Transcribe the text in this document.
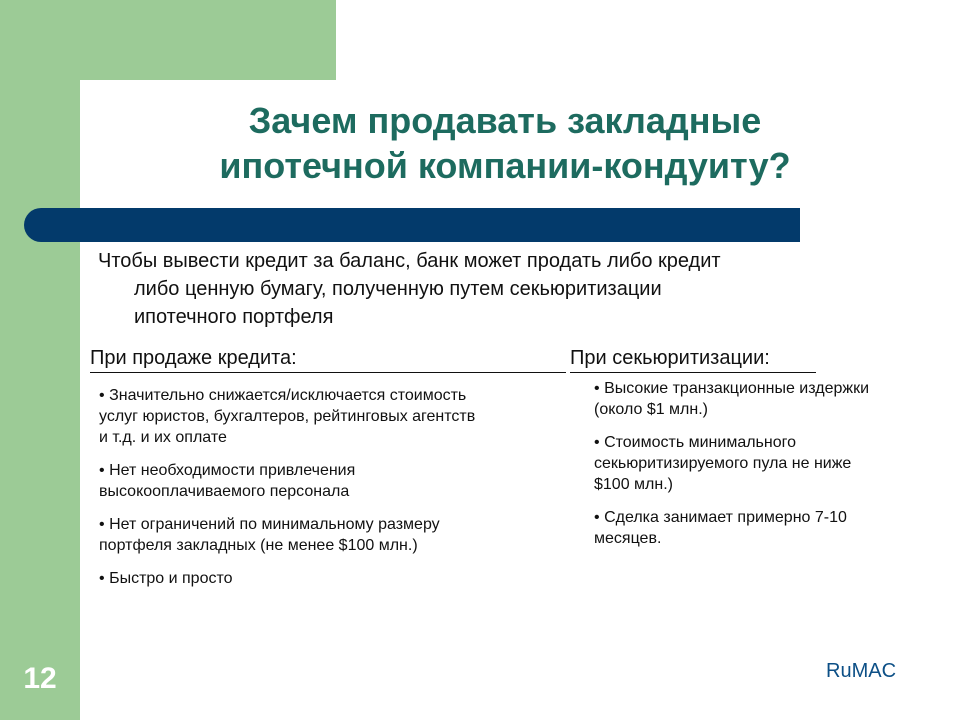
12
Зачем продавать закладные
ипотечной компании-кондуиту?

Чтобы вывести кредит за баланс, банк может продать либо кредит
либо ценную бумагу, полученную путем секьюритизации
ипотечного портфеля

При продаже кредита:	При секьюритизации:
• Значительно снижается/исключается стоимость услуг юристов, бухгалтеров, рейтинговых агентств и т.д. и их оплате
• Нет необходимости привлечения высокооплачиваемого персонала
• Нет ограничений по минимальному размеру портфеля закладных (не менее $100 млн.)
• Быстро и просто
• Высокие транзакционные издержки (около $1 млн.)
• Стоимость минимального секьюритизируемого пула не ниже $100 млн.)
• Сделка занимает примерно 7-10 месяцев.
RuMAC
